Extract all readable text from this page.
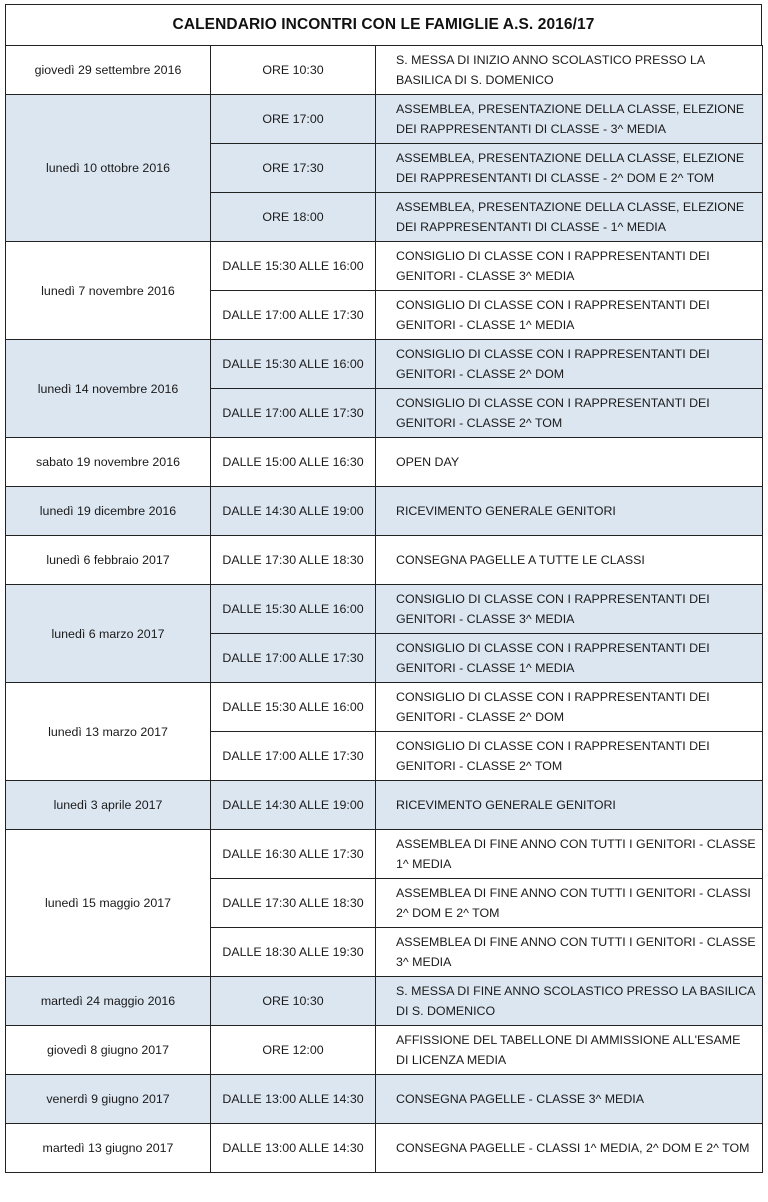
CALENDARIO INCONTRI CON LE FAMIGLIE A.S. 2016/17
giovedì 29 settembre 2016	ORE 10:30	S. MESSA DI INIZIO ANNO SCOLASTICO PRESSO LA BASILICA DI S. DOMENICO
lunedì 10 ottobre 2016	ORE 17:00	ASSEMBLEA, PRESENTAZIONE DELLA CLASSE, ELEZIONE DEI RAPPRESENTANTI DI CLASSE - 3^ MEDIA
	ORE 17:30	ASSEMBLEA, PRESENTAZIONE DELLA CLASSE, ELEZIONE DEI RAPPRESENTANTI DI CLASSE - 2^ DOM E 2^ TOM
	ORE 18:00	ASSEMBLEA, PRESENTAZIONE DELLA CLASSE, ELEZIONE DEI RAPPRESENTANTI DI CLASSE - 1^ MEDIA
lunedì 7 novembre 2016	DALLE 15:30 ALLE 16:00	CONSIGLIO DI CLASSE CON I RAPPRESENTANTI DEI GENITORI - CLASSE 3^ MEDIA
	DALLE 17:00 ALLE 17:30	CONSIGLIO DI CLASSE CON I RAPPRESENTANTI DEI GENITORI - CLASSE 1^ MEDIA
lunedì 14 novembre 2016	DALLE 15:30 ALLE 16:00	CONSIGLIO DI CLASSE CON I RAPPRESENTANTI DEI GENITORI - CLASSE 2^ DOM
	DALLE 17:00 ALLE 17:30	CONSIGLIO DI CLASSE CON I RAPPRESENTANTI DEI GENITORI - CLASSE 2^ TOM
sabato 19 novembre 2016	DALLE 15:00 ALLE 16:30	OPEN DAY
lunedì 19 dicembre 2016	DALLE 14:30 ALLE 19:00	RICEVIMENTO GENERALE GENITORI
lunedì 6 febbraio 2017	DALLE 17:30 ALLE 18:30	CONSEGNA PAGELLE A TUTTE LE CLASSI
lunedì 6 marzo 2017	DALLE 15:30 ALLE 16:00	CONSIGLIO DI CLASSE CON I RAPPRESENTANTI DEI GENITORI - CLASSE 3^ MEDIA
	DALLE 17:00 ALLE 17:30	CONSIGLIO DI CLASSE CON I RAPPRESENTANTI DEI GENITORI - CLASSE 1^ MEDIA
lunedì 13 marzo 2017	DALLE 15:30 ALLE 16:00	CONSIGLIO DI CLASSE CON I RAPPRESENTANTI DEI GENITORI - CLASSE 2^ DOM
	DALLE 17:00 ALLE 17:30	CONSIGLIO DI CLASSE CON I RAPPRESENTANTI DEI GENITORI - CLASSE 2^ TOM
lunedì 3 aprile 2017	DALLE 14:30 ALLE 19:00	RICEVIMENTO GENERALE GENITORI
lunedì 15 maggio 2017	DALLE 16:30 ALLE 17:30	ASSEMBLEA DI FINE ANNO CON TUTTI I GENITORI - CLASSE 1^ MEDIA
	DALLE 17:30 ALLE 18:30	ASSEMBLEA DI FINE ANNO CON TUTTI I GENITORI - CLASSI 2^ DOM E 2^ TOM
	DALLE 18:30 ALLE 19:30	ASSEMBLEA DI FINE ANNO CON TUTTI I GENITORI - CLASSE 3^ MEDIA
martedì 24 maggio 2016	ORE 10:30	S. MESSA DI FINE ANNO SCOLASTICO PRESSO LA BASILICA DI S. DOMENICO
giovedì 8 giugno 2017	ORE 12:00	AFFISSIONE DEL TABELLONE DI AMMISSIONE ALL'ESAME DI LICENZA MEDIA
venerdì 9 giugno 2017	DALLE 13:00 ALLE 14:30	CONSEGNA PAGELLE - CLASSE 3^ MEDIA
martedì 13 giugno 2017	DALLE 13:00 ALLE 14:30	CONSEGNA PAGELLE - CLASSI 1^ MEDIA, 2^ DOM E 2^ TOM
